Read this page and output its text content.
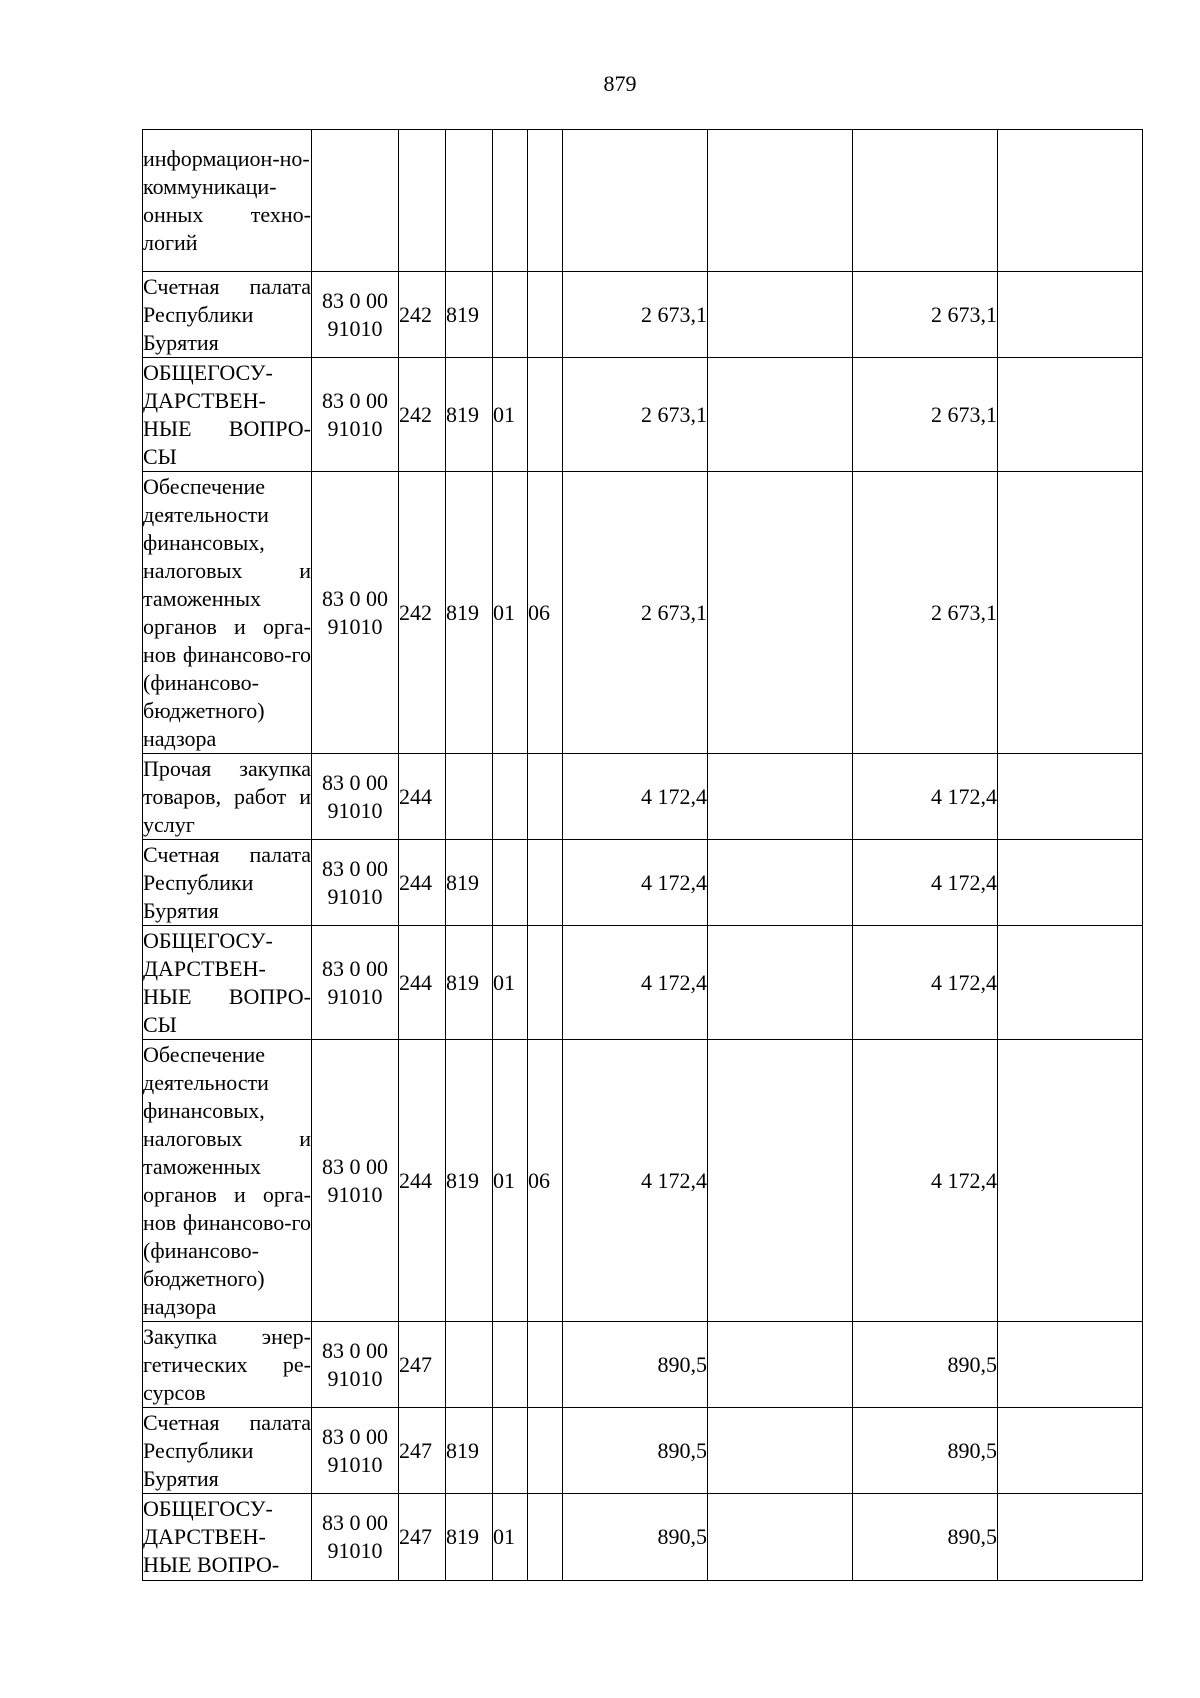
879
информацион-но-коммуникаци-онных техно-логий									

Счетная палата Республики Бурятия	83 0 00 91010	242	819			2 673,1		2 673,1	

ОБЩЕГОСУ-ДАРСТВЕН-НЫЕ ВОПРО-СЫ	83 0 00 91010	242	819	01		2 673,1		2 673,1	

Обеспечение деятельности финансовых, налоговых и таможенных органов и орга-нов финансово-го (финансово-бюджетного) надзора	83 0 00 91010	242	819	01	06	2 673,1		2 673,1	

Прочая закупка товаров, работ и услуг	83 0 00 91010	244				4 172,4		4 172,4	

Счетная палата Республики Бурятия	83 0 00 91010	244	819			4 172,4		4 172,4	

ОБЩЕГОСУ-ДАРСТВЕН-НЫЕ ВОПРО-СЫ	83 0 00 91010	244	819	01		4 172,4		4 172,4	

Обеспечение деятельности финансовых, налоговых и таможенных органов и орга-нов финансово-го (финансово-бюджетного) надзора	83 0 00 91010	244	819	01	06	4 172,4		4 172,4	

Закупка энер-гетических ре-сурсов	83 0 00 91010	247				890,5		890,5	

Счетная палата Республики Бурятия	83 0 00 91010	247	819			890,5		890,5	

ОБЩЕГОСУ-ДАРСТВЕН-НЫЕ ВОПРО-	83 0 00 91010	247	819	01		890,5		890,5	
